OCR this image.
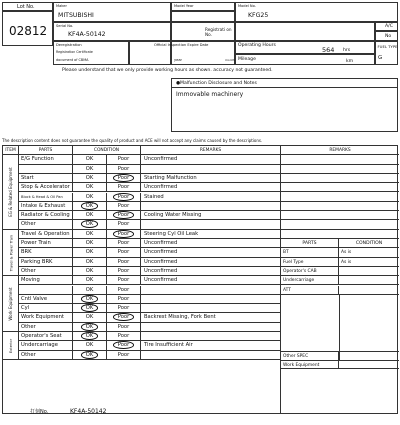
Lot No.
02812
Maker
MITSUBISHI
Model Year	Model No.
KFG25
Serial No.
KF4A-50142
Registrati on No.
A/C
No
Deregistration
Registration Certificate
document of CBMA
Official Inspection Expire Date
year	month
Operating Hours
564 hrs
Mileage	km
FUEL TYPE
G
Please understand that we only provide working hours as shown. accuracy not guaranteed.
●Malfunction Disclosure and Notes
Immovable machinery
The description content does not guarantee the quality of product and ACE will not accept any claims caused by the descriptions.
ITEM	PARTS	CONDITION	REMARKS
E/G Function	OK	Poor	Unconfirmed
OK	Poor
Start	OK	Poor	Starting Malfunction
Stop & Accelerator	OK	Poor	Unconfirmed
Block & Head & Oil Pan	OK	Poor	Stained
Intake & Exhaust	OK	Poor
Radiator & Cooling	OK	Poor	Cooling Water Missing
Other	OK	Poor
EG & Related Equipment
Travel & Operation	OK	Poor	Steering Cyl Oil Leak
Power Train	OK	Poor	Unconfirmed
BRK	OK	Poor	Unconfirmed
Parking BRK	OK	Poor	Unconfirmed
Other	OK	Poor	Unconfirmed
Travel & Power Train
Moving	OK	Poor	Unconfirmed
OK	Poor
Cntl Valve	OK	Poor
Cyl	OK	Poor
Work Equipment	OK	Poor	Backrest Missing, Fork Bent
Other	OK	Poor
Work Equipment
Operator's Seat	OK	Poor
Undercarriage	OK	Poor	Tire Insufficient Air
Other	OK	Poor
Exterior
REMARKS
PARTS	CONDITION
BT	As is
Fuel Type	As is
Operator's CAB
Undercarriage
ATT
Work Equipment
Other SPEC
打刻No.	KF4A-50142
